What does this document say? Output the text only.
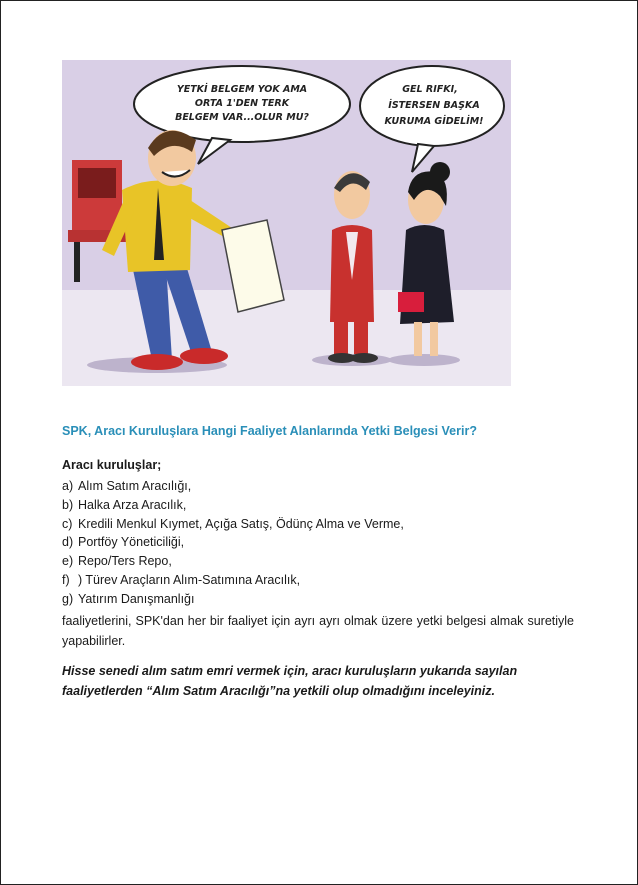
YETKİ BELGEM YOK AMA
ORTA 1'DEN TERK
BELGEM VAR...OLUR MU?
GEL RIFKI,
İSTERSEN BAŞKA
KURUMA GİDELİM!
SPK, Aracı Kuruluşlara Hangi Faaliyet Alanlarında Yetki Belgesi Verir?
Aracı kuruluşlar;
a) Alım Satım Aracılığı,
b) Halka Arza Aracılık,
c) Kredili Menkul Kıymet, Açığa Satış, Ödünç Alma ve Verme,
d) Portföy Yöneticiliği,
e) Repo/Ters Repo,
f) ) Türev Araçların Alım-Satımına Aracılık,
g) Yatırım Danışmanlığı

faaliyetlerini, SPK'dan her bir faaliyet için ayrı ayrı olmak üzere yetki belgesi almak suretiyle yapabilirler.

Hisse senedi alım satım emri vermek için, aracı kuruluşların yukarıda sayılan faaliyetlerden “Alım Satım Aracılığı”na yetkili olup olmadığını inceleyiniz.
